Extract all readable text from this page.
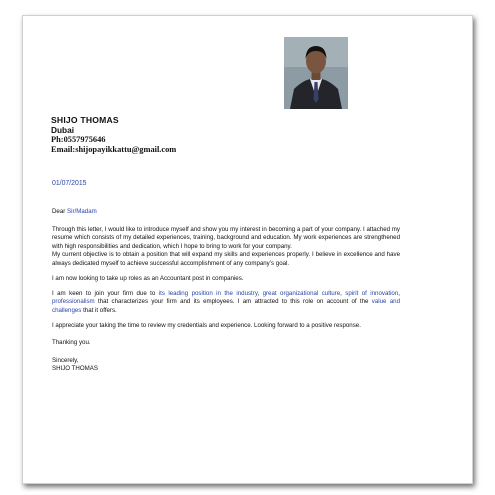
SHIJO THOMAS
Dubai
Ph:0557975646
Email:shijopayikkattu@gmail.com
01/07/2015

Dear Sir/Madam

Through this letter, I would like to introduce myself and show you my interest in becoming a part of your company. I attached my resume which consists of my detailed experiences, training, background and education. My work experiences are strengthened with high responsibilities and dedication, which I hope to bring to work for your company.

My current objective is to obtain a position that will expand my skills and experiences properly. I believe in excellence and have always dedicated myself to achieve successful accomplishment of any company’s goal.

I am now looking to take up roles as an Accountant post in companies.

I am keen to join your firm due to its leading position in the industry, great organizational culture, spirit of innovation, professionalism that characterizes your firm and its employees. I am attracted to this role on account of the value and challenges that it offers.

I appreciate your taking the time to review my credentials and experience. Looking forward to a positive response.

Thanking you.

Sincerely,

SHIJO THOMAS
